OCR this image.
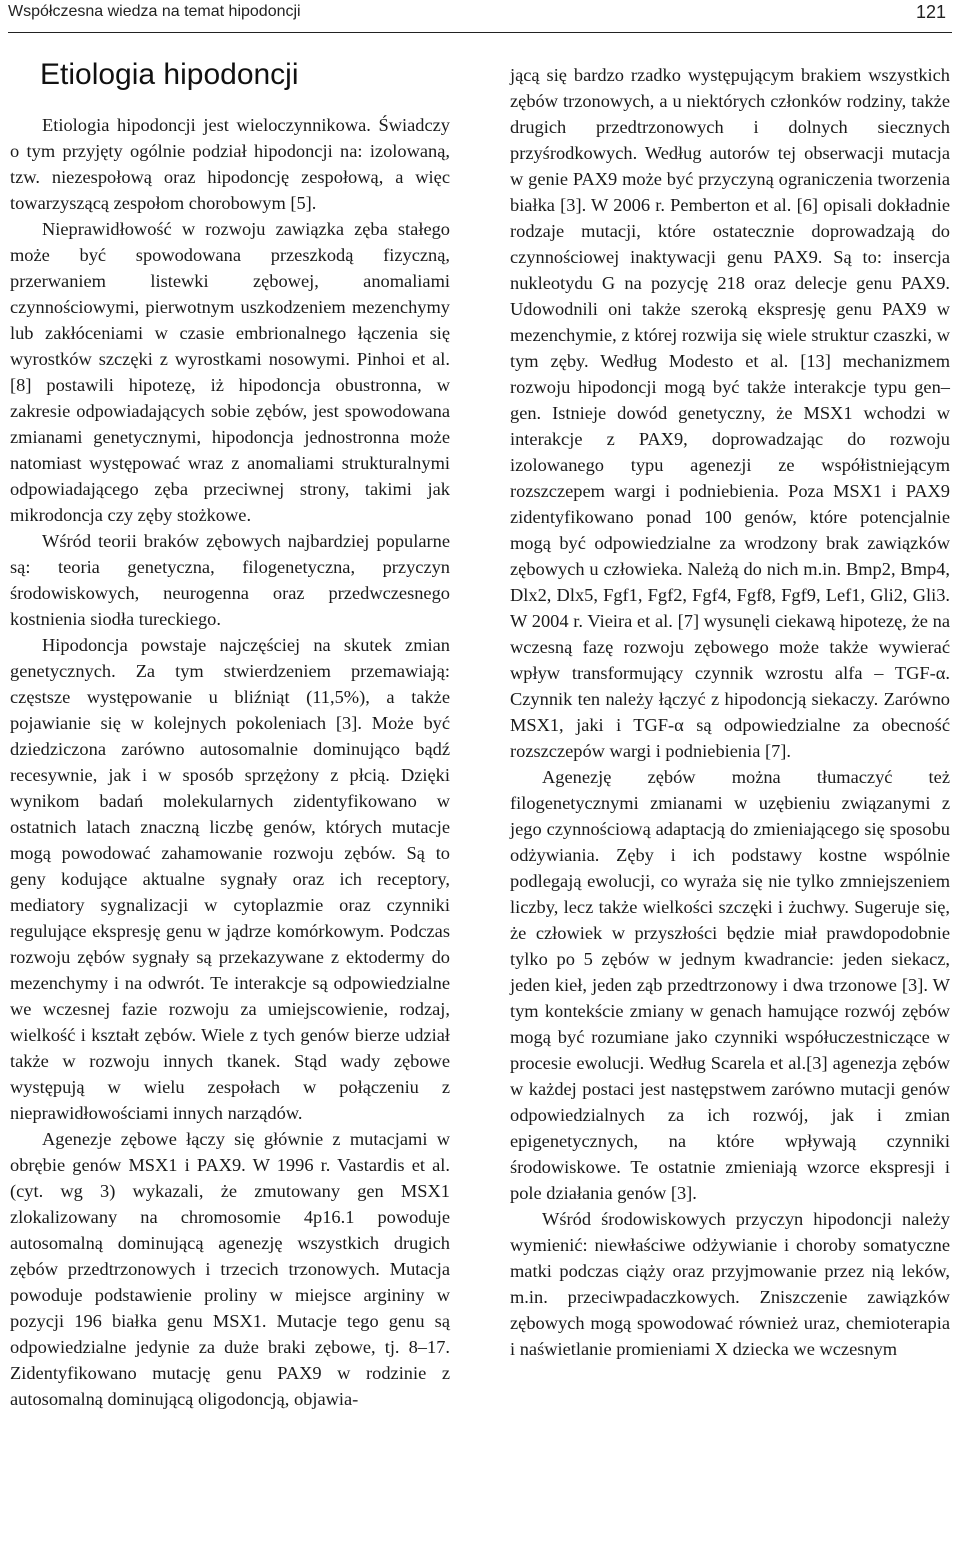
Współczesna wiedza na temat hipodoncji	121
Etiologia hipodoncji

Etiologia hipodoncji jest wieloczynnikowa. Świadczy o tym przyjęty ogólnie podział hipodoncji na: izolowaną, tzw. niezespołową oraz hipodoncję zespołową, a więc towarzyszącą zespołom chorobowym [5].

Nieprawidłowość w rozwoju zawiązka zęba stałego może być spowodowana przeszkodą fizyczną, przerwaniem listewki zębowej, anomaliami czynnościowymi, pierwotnym uszkodzeniem mezenchymy lub zakłóceniami w czasie embrionalnego łączenia się wyrostków szczęki z wyrostkami nosowymi. Pinhoi et al. [8] postawili hipotezę, iż hipodoncja obustronna, w zakresie odpowiadających sobie zębów, jest spowodowana zmianami genetycznymi, hipodoncja jednostronna może natomiast występować wraz z anomaliami strukturalnymi odpowiadającego zęba przeciwnej strony, takimi jak mikrodoncja czy zęby stożkowe.

Wśród teorii braków zębowych najbardziej popularne są: teoria genetyczna, filogenetyczna, przyczyn środowiskowych, neurogenna oraz przedwczesnego kostnienia siodła tureckiego.

Hipodoncja powstaje najczęściej na skutek zmian genetycznych. Za tym stwierdzeniem przemawiają: częstsze występowanie u bliźniąt (11,5%), a także pojawianie się w kolejnych pokoleniach [3]. Może być dziedziczona zarówno autosomalnie dominująco bądź recesywnie, jak i w sposób sprzężony z płcią. Dzięki wynikom badań molekularnych zidentyfikowano w ostatnich latach znaczną liczbę genów, których mutacje mogą powodować zahamowanie rozwoju zębów. Są to geny kodujące aktualne sygnały oraz ich receptory, mediatory sygnalizacji w cytoplazmie oraz czynniki regulujące ekspresję genu w jądrze komórkowym. Podczas rozwoju zębów sygnały są przekazywane z ektodermy do mezenchymy i na odwrót. Te interakcje są odpowiedzialne we wczesnej fazie rozwoju za umiejscowienie, rodzaj, wielkość i kształt zębów. Wiele z tych genów bierze udział także w rozwoju innych tkanek. Stąd wady zębowe występują w wielu zespołach w połączeniu z nieprawidłowościami innych narządów.

Agenezje zębowe łączy się głównie z mutacjami w obrębie genów MSX1 i PAX9. W 1996 r. Vastardis et al. (cyt. wg 3) wykazali, że zmutowany gen MSX1 zlokalizowany na chromosomie 4p16.1 powoduje autosomalną dominującą agenezję wszystkich drugich zębów przedtrzonowych i trzecich trzonowych. Mutacja powoduje podstawienie proliny w miejsce argininy w pozycji 196 białka genu MSX1. Mutacje tego genu są odpowiedzialne jedynie za duże braki zębowe, tj. 8–17. Zidentyfikowano mutację genu PAX9 w rodzinie z autosomalną dominującą oligodoncją, objawia-

jącą się bardzo rzadko występującym brakiem wszystkich zębów trzonowych, a u niektórych członków rodziny, także drugich przedtrzonowych i dolnych siecznych przyśrodkowych. Według autorów tej obserwacji mutacja w genie PAX9 może być przyczyną ograniczenia tworzenia białka [3]. W 2006 r. Pemberton et al. [6] opisali dokładnie rodzaje mutacji, które ostatecznie doprowadzają do czynnościowej inaktywacji genu PAX9. Są to: insercja nukleotydu G na pozycję 218 oraz delecje genu PAX9. Udowodnili oni także szeroką ekspresję genu PAX9 w mezenchymie, z której rozwija się wiele struktur czaszki, w tym zęby. Według Modesto et al. [13] mechanizmem rozwoju hipodoncji mogą być także interakcje typu gen–gen. Istnieje dowód genetyczny, że MSX1 wchodzi w interakcje z PAX9, doprowadzając do rozwoju izolowanego typu agenezji ze współistniejącym rozszczepem wargi i podniebienia. Poza MSX1 i PAX9 zidentyfikowano ponad 100 genów, które potencjalnie mogą być odpowiedzialne za wrodzony brak zawiązków zębowych u człowieka. Należą do nich m.in. Bmp2, Bmp4, Dlx2, Dlx5, Fgf1, Fgf2, Fgf4, Fgf8, Fgf9, Lef1, Gli2, Gli3. W 2004 r. Vieira et al. [7] wysunęli ciekawą hipotezę, że na wczesną fazę rozwoju zębowego może także wywierać wpływ transformujący czynnik wzrostu alfa – TGF-α. Czynnik ten należy łączyć z hipodoncją siekaczy. Zarówno MSX1, jaki i TGF-α są odpowiedzialne za obecność rozszczepów wargi i podniebienia [7].

Agenezję zębów można tłumaczyć też filogenetycznymi zmianami w uzębieniu związanymi z jego czynnościową adaptacją do zmieniającego się sposobu odżywiania. Zęby i ich podstawy kostne wspólnie podlegają ewolucji, co wyraża się nie tylko zmniejszeniem liczby, lecz także wielkości szczęki i żuchwy. Sugeruje się, że człowiek w przyszłości będzie miał prawdopodobnie tylko po 5 zębów w jednym kwadrancie: jeden siekacz, jeden kieł, jeden ząb przedtrzonowy i dwa trzonowe [3]. W tym kontekście zmiany w genach hamujące rozwój zębów mogą być rozumiane jako czynniki współuczestniczące w procesie ewolucji. Według Scarela et al.[3] agenezja zębów w każdej postaci jest następstwem zarówno mutacji genów odpowiedzialnych za ich rozwój, jak i zmian epigenetycznych, na które wpływają czynniki środowiskowe. Te ostatnie zmieniają wzorce ekspresji i pole działania genów [3].

Wśród środowiskowych przyczyn hipodoncji należy wymienić: niewłaściwe odżywianie i choroby somatyczne matki podczas ciąży oraz przyjmowanie przez nią leków, m.in. przeciwpadaczkowych. Zniszczenie zawiązków zębowych mogą spowodować również uraz, chemioterapia i naświetlanie promieniami X dziecka we wczesnym
